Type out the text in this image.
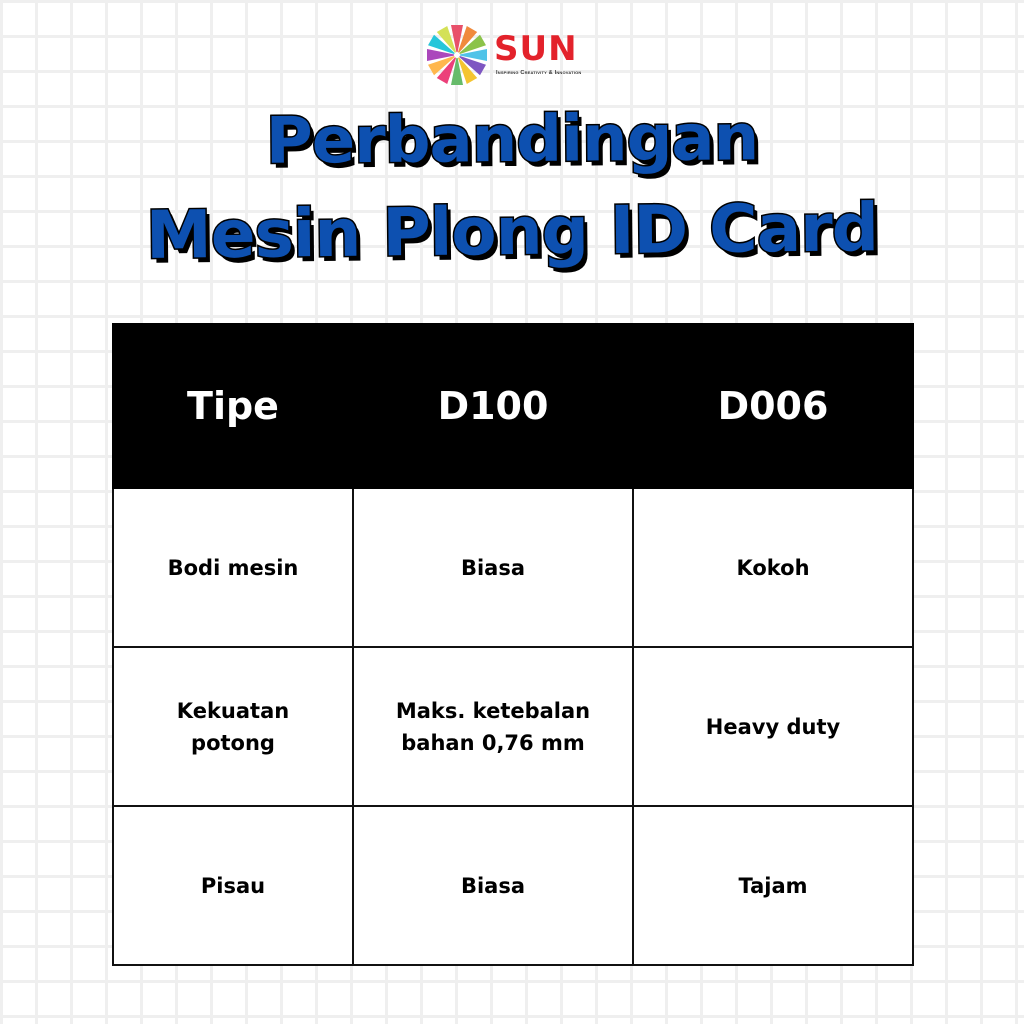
SUN
Inspiring Creativity & Innovation
Perbandingan
Mesin Plong ID Card
Tipe	D100	D006
Bodi mesin	Biasa	Kokoh
Kekuatan potong	Maks. ketebalan bahan 0,76 mm	Heavy duty
Pisau	Biasa	Tajam
